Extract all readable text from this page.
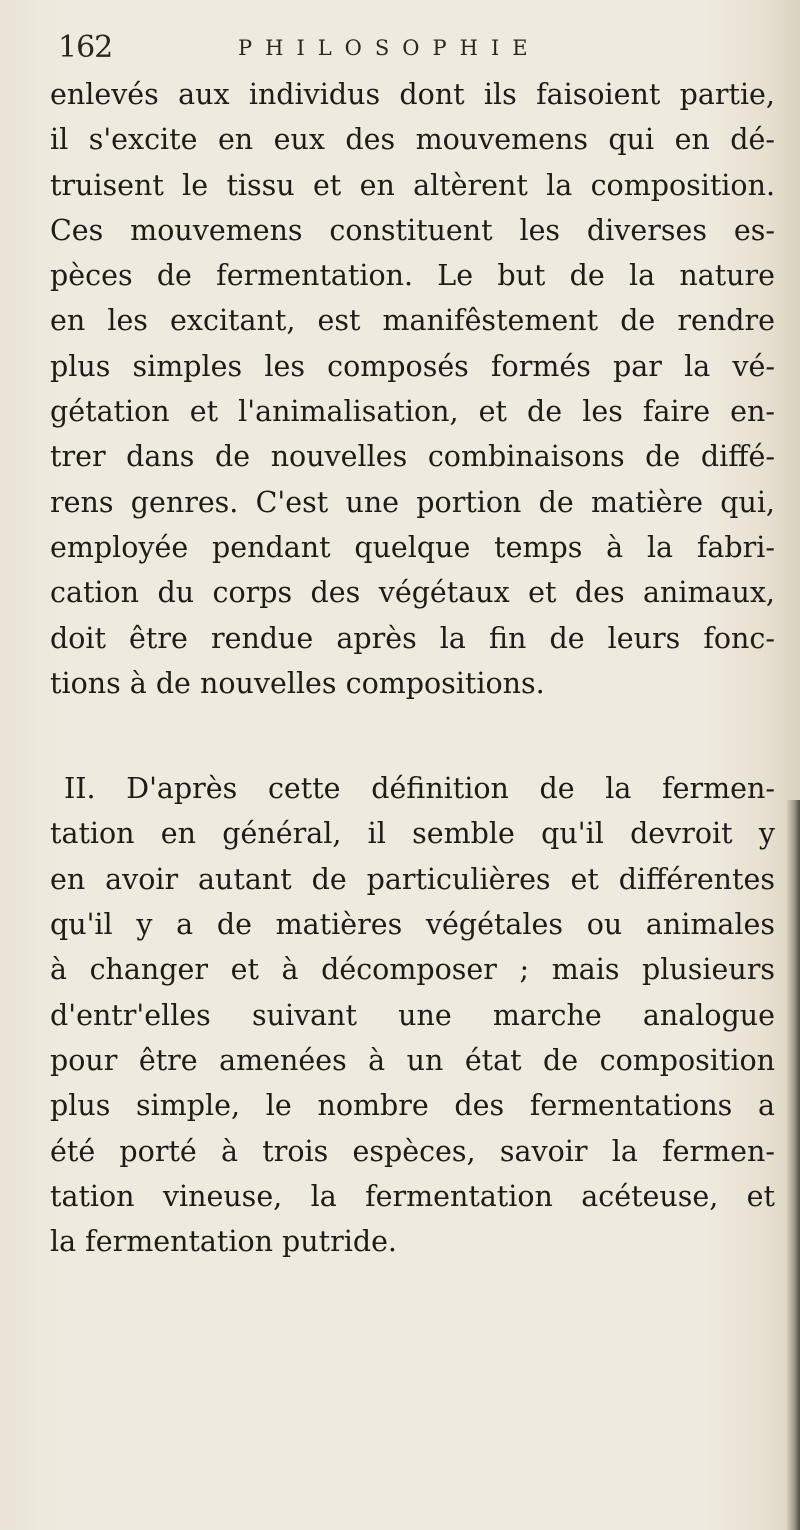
162	PHILOSOPHIE
enlevés aux individus dont ils faisoient partie,
il s'excite en eux des mouvemens qui en dé-
truisent le tissu et en altèrent la composition.
Ces mouvemens constituent les diverses es-
pèces de fermentation. Le but de la nature
en les excitant, est manifêstement de rendre
plus simples les composés formés par la vé-
gétation et l'animalisation, et de les faire en-
trer dans de nouvelles combinaisons de diffé-
rens genres. C'est une portion de matière qui,
employée pendant quelque temps à la fabri-
cation du corps des végétaux et des animaux,
doit être rendue après la fin de leurs fonc-
tions à de nouvelles compositions.
II. D'après cette définition de la fermen-
tation en général, il semble qu'il devroit y
en avoir autant de particulières et différentes
qu'il y a de matières végétales ou animales
à changer et à décomposer ; mais plusieurs
d'entr'elles suivant une marche analogue
pour être amenées à un état de composition
plus simple, le nombre des fermentations a
été porté à trois espèces, savoir la fermen-
tation vineuse, la fermentation acéteuse, et
la fermentation putride.
